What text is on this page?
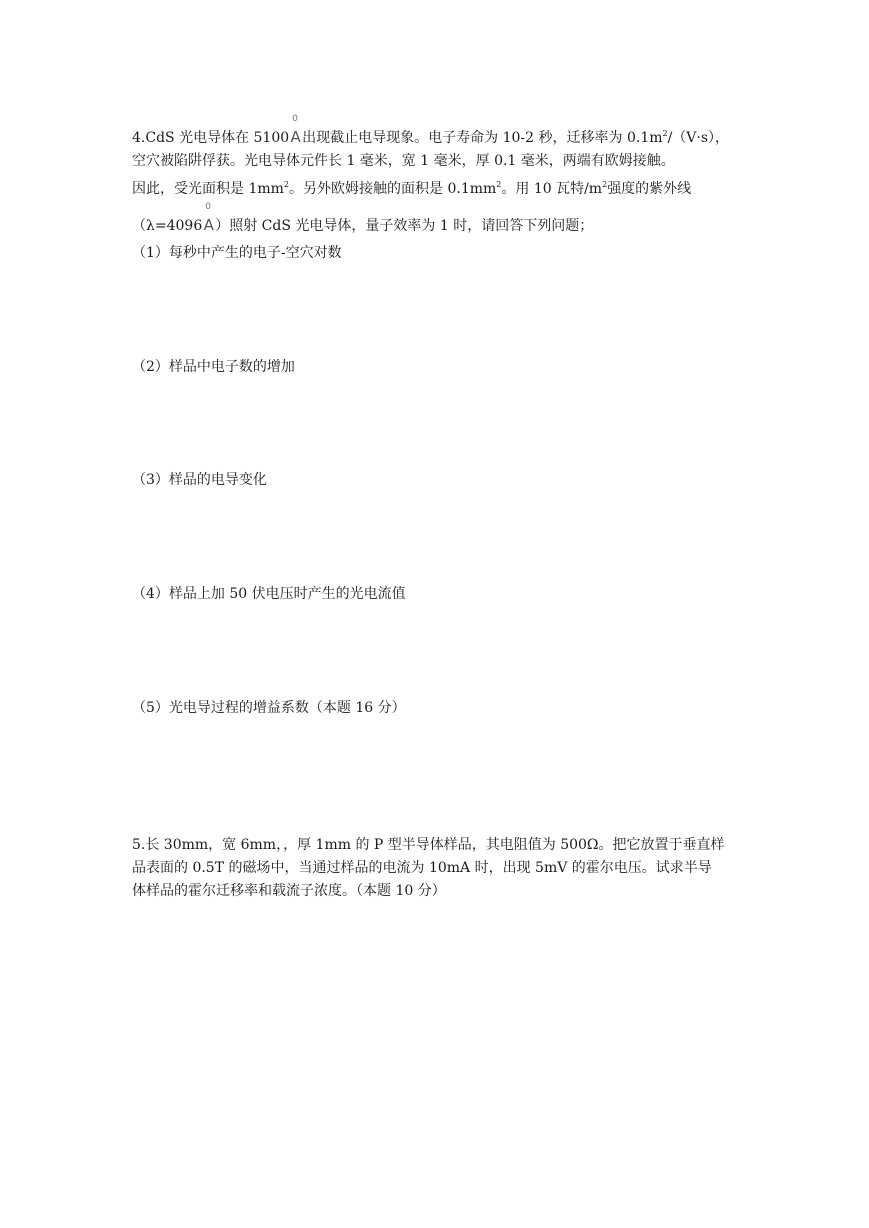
4.CdS 光电导体在 5100
0
A出现截止电导现象。电子寿命为 10-2 秒，迁移率为 $0.1m^2/(V\cdot s)$，
空穴被陷阱俘获。光电导体元件长 1 毫米，宽 1 毫米，厚 0.1 毫米，两端有欧姆接触。
因此，受光面积是 $1mm^2$。另外欧姆接触的面积是 $0.1mm^2$。用 10 瓦特$/m^2$强度的紫外线
（λ=4096
0
A）照射 CdS 光电导体，量子效率为 1 时，请回答下列问题；
（1）每秒中产生的电子-空穴对数
（2）样品中电子数的增加
（3）样品的电导变化
（4）样品上加 50 伏电压时产生的光电流值
（5）光电导过程的增益系数（本题 16 分）
5.长 30mm，宽 6mm，，厚 1mm 的 P 型半导体样品，其电阻值为 500Ω。把它放置于垂直样
品表面的 0.5T 的磁场中，当通过样品的电流为 10mA 时，出现 5mV 的霍尔电压。试求半导
体样品的霍尔迁移率和载流子浓度。（本题 10 分）
